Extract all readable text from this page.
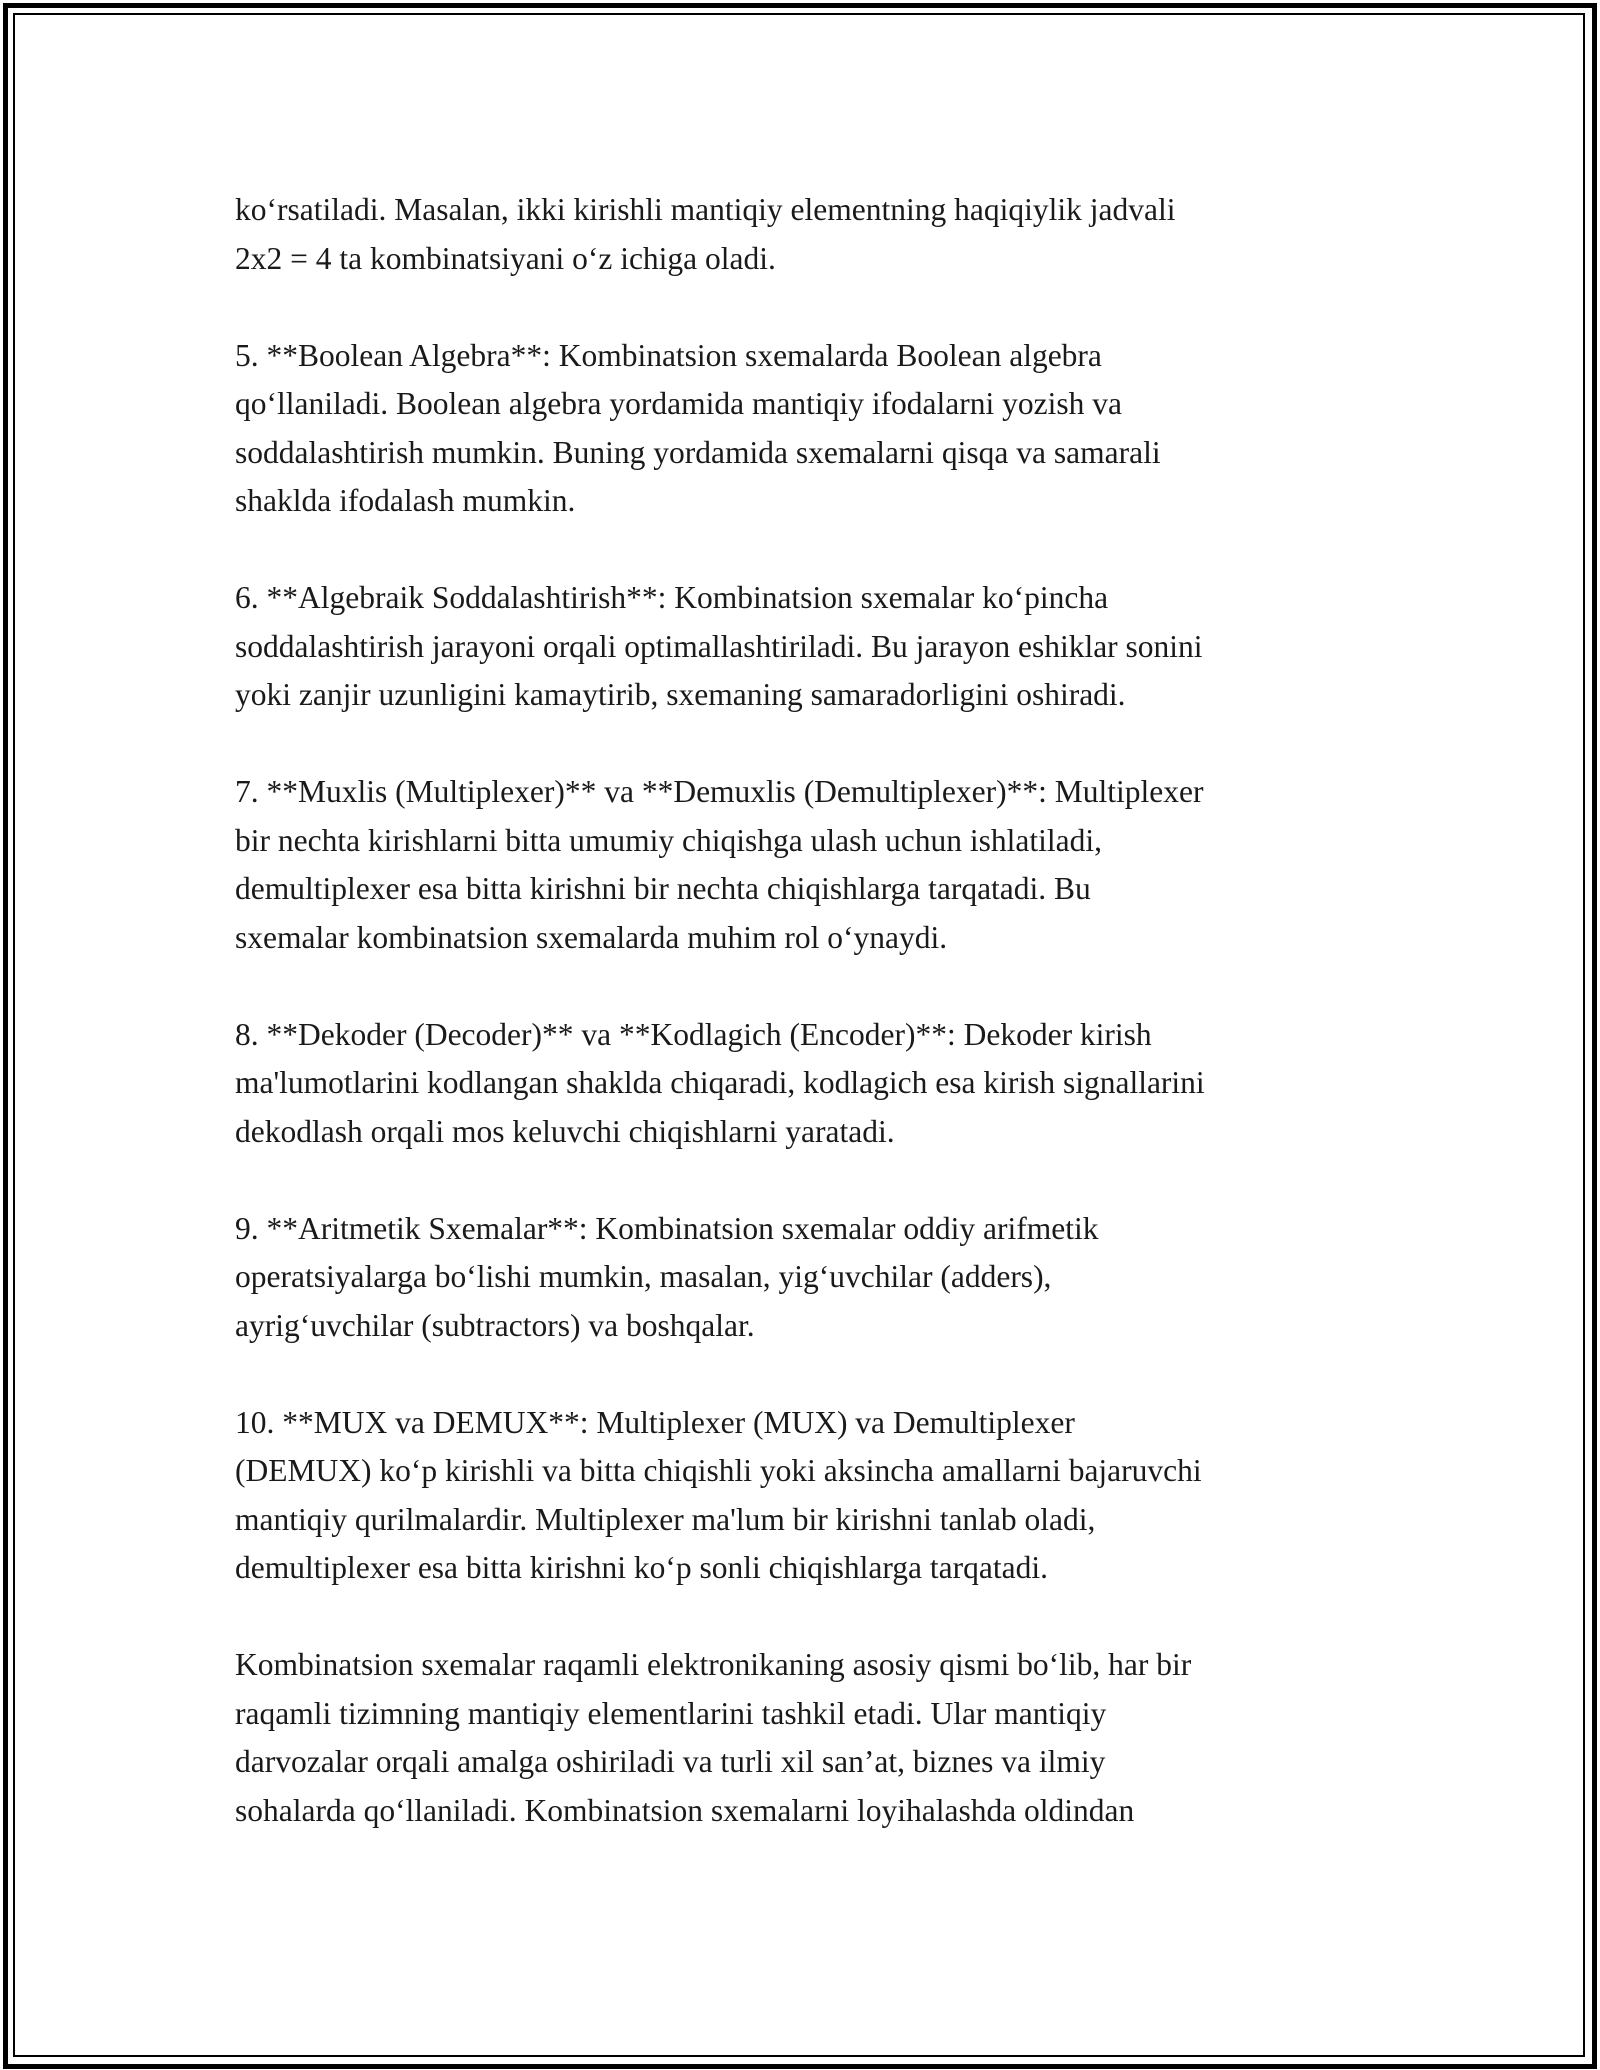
ko‘rsatiladi. Masalan, ikki kirishli mantiqiy elementning haqiqiylik jadvali
2x2 = 4 ta kombinatsiyani o‘z ichiga oladi.

5. **Boolean Algebra**: Kombinatsion sxemalarda Boolean algebra
qo‘llaniladi. Boolean algebra yordamida mantiqiy ifodalarni yozish va
soddalashtirish mumkin. Buning yordamida sxemalarni qisqa va samarali
shaklda ifodalash mumkin.

6. **Algebraik Soddalashtirish**: Kombinatsion sxemalar ko‘pincha
soddalashtirish jarayoni orqali optimallashtiriladi. Bu jarayon eshiklar sonini
yoki zanjir uzunligini kamaytirib, sxemaning samaradorligini oshiradi.

7. **Muxlis (Multiplexer)** va **Demuxlis (Demultiplexer)**: Multiplexer
bir nechta kirishlarni bitta umumiy chiqishga ulash uchun ishlatiladi,
demultiplexer esa bitta kirishni bir nechta chiqishlarga tarqatadi. Bu
sxemalar kombinatsion sxemalarda muhim rol o‘ynaydi.

8. **Dekoder (Decoder)** va **Kodlagich (Encoder)**: Dekoder kirish
ma'lumotlarini kodlangan shaklda chiqaradi, kodlagich esa kirish signallarini
dekodlash orqali mos keluvchi chiqishlarni yaratadi.

9. **Aritmetik Sxemalar**: Kombinatsion sxemalar oddiy arifmetik
operatsiyalarga bo‘lishi mumkin, masalan, yig‘uvchilar (adders),
ayrig‘uvchilar (subtractors) va boshqalar.

10. **MUX va DEMUX**: Multiplexer (MUX) va Demultiplexer
(DEMUX) ko‘p kirishli va bitta chiqishli yoki aksincha amallarni bajaruvchi
mantiqiy qurilmalardir. Multiplexer ma'lum bir kirishni tanlab oladi,
demultiplexer esa bitta kirishni ko‘p sonli chiqishlarga tarqatadi.

Kombinatsion sxemalar raqamli elektronikaning asosiy qismi bo‘lib, har bir
raqamli tizimning mantiqiy elementlarini tashkil etadi. Ular mantiqiy
darvozalar orqali amalga oshiriladi va turli xil san’at, biznes va ilmiy
sohalarda qo‘llaniladi. Kombinatsion sxemalarni loyihalashda oldindan
